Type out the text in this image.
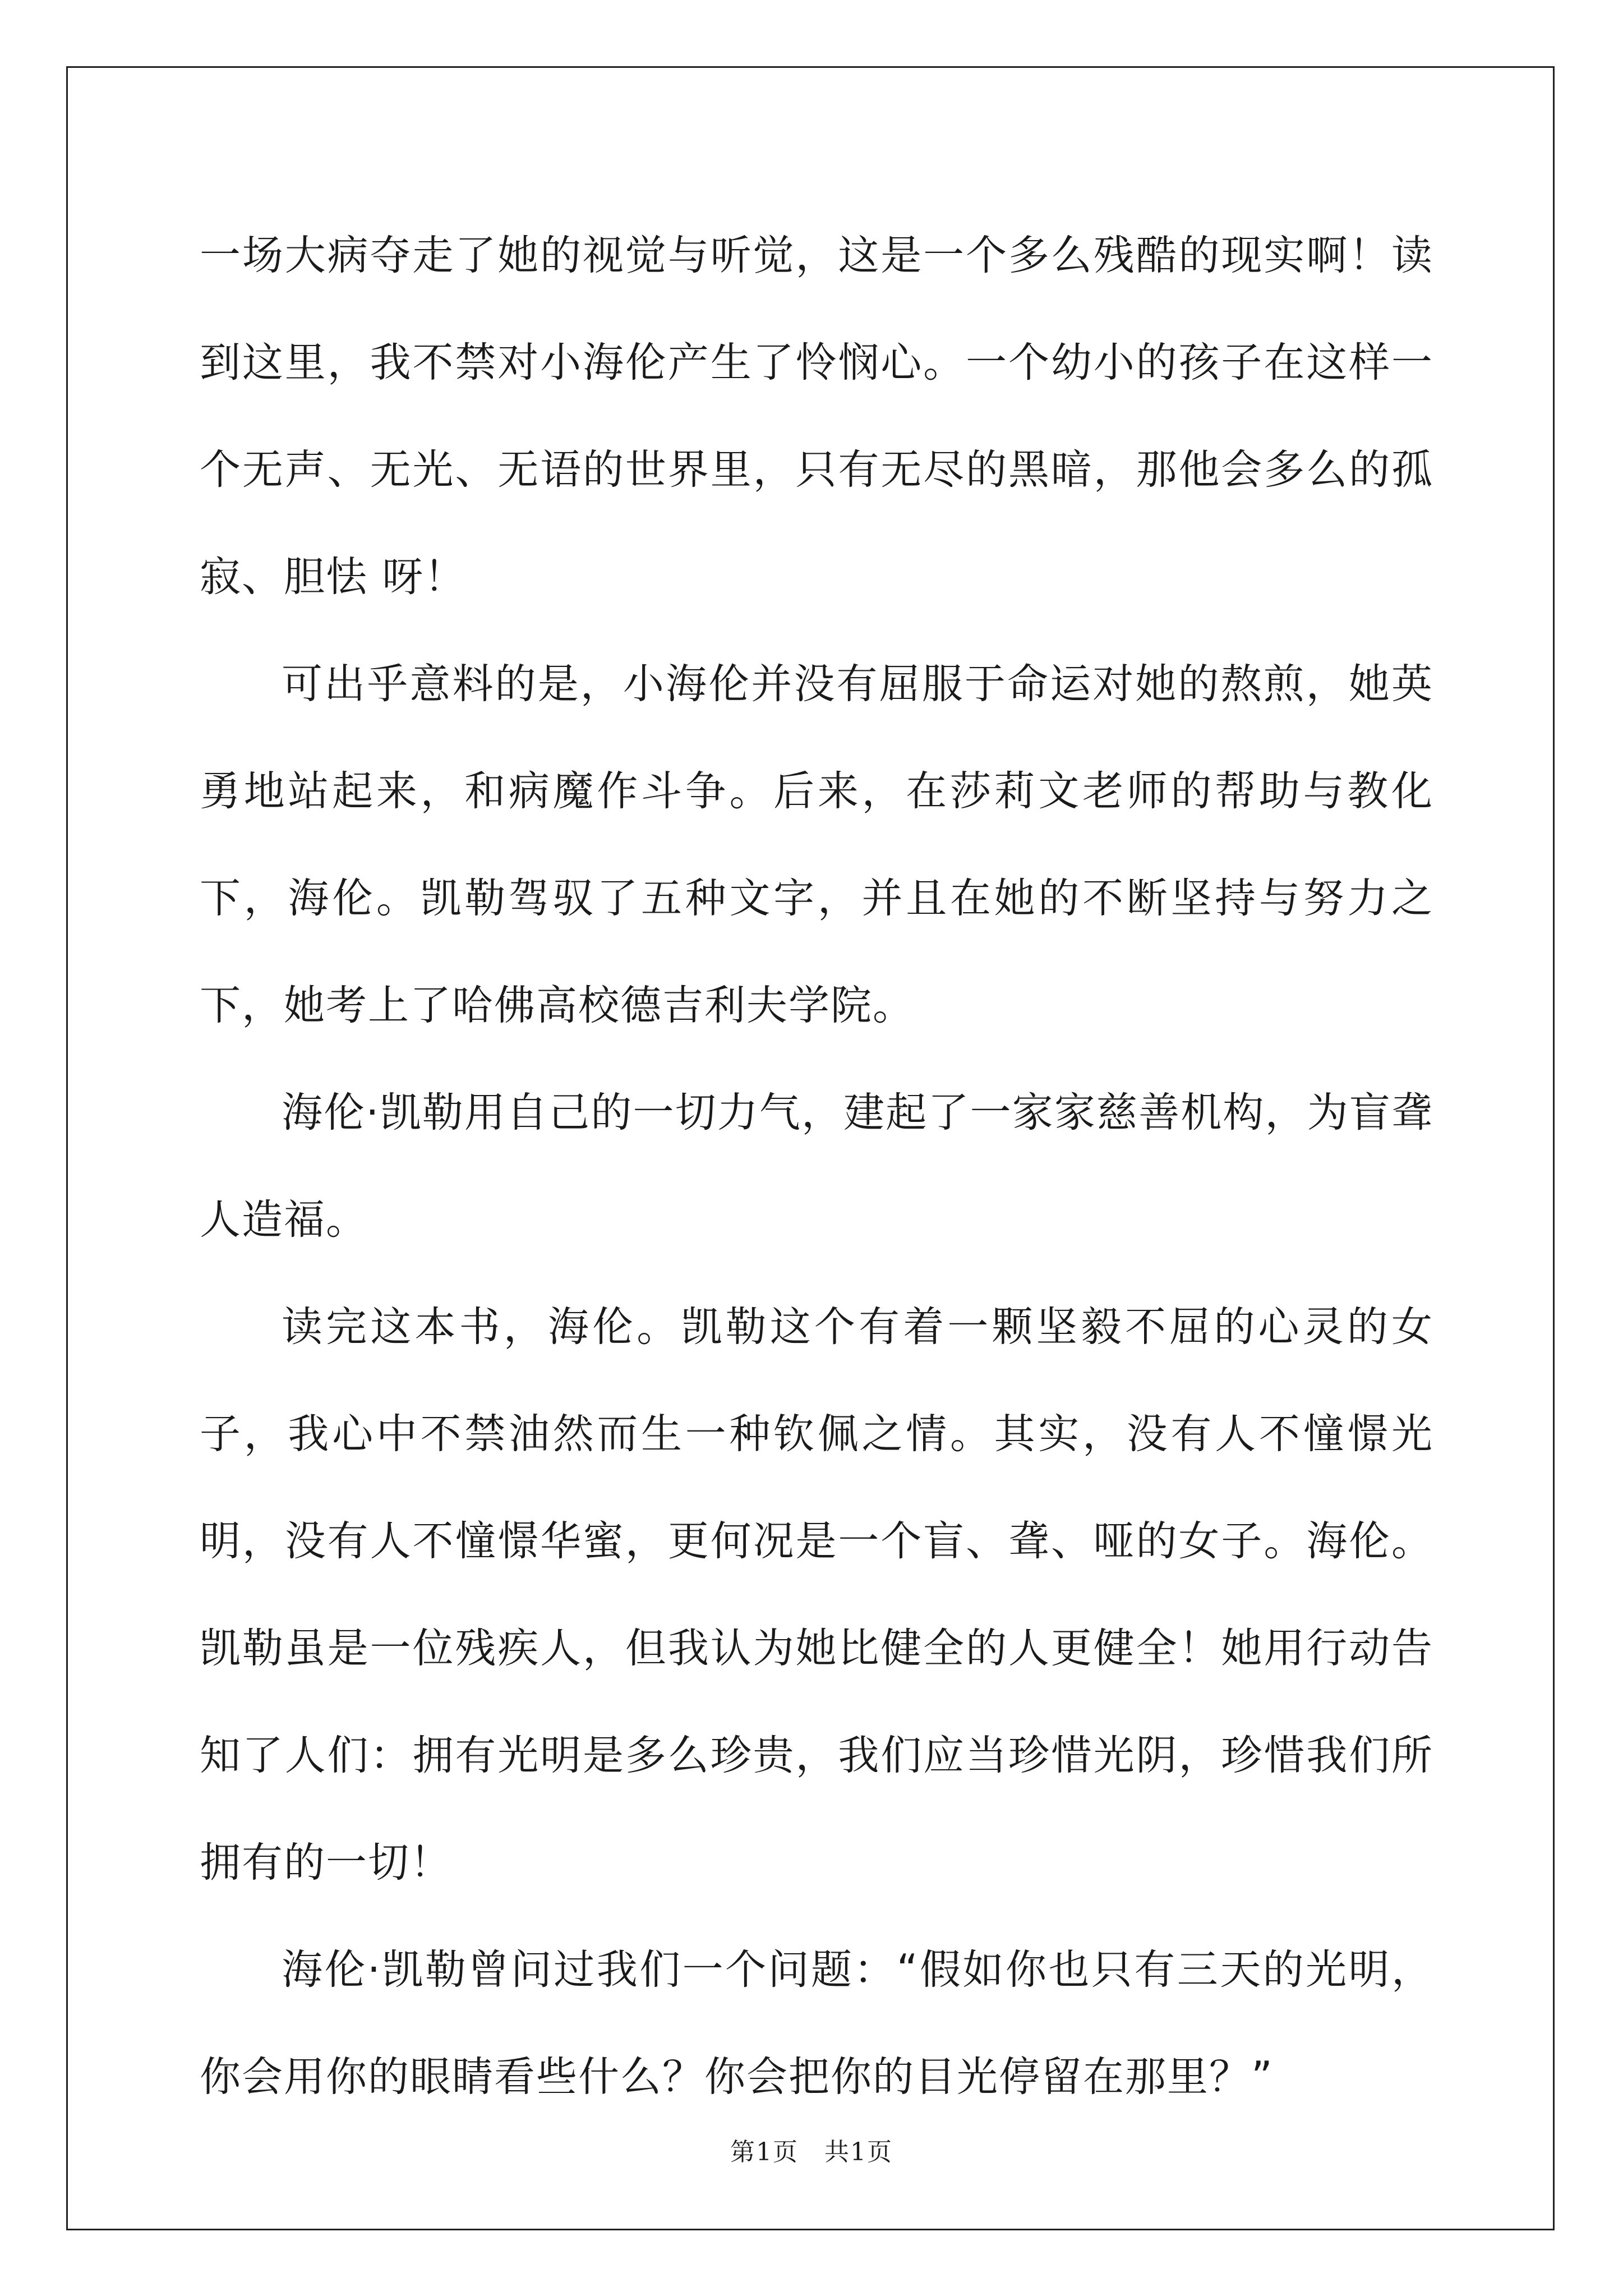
一场大病夺走了她的视觉与听觉，这是一个多么残酷的现实啊！读到这里，我不禁对小海伦产生了怜悯心。一个幼小的孩子在这样一个无声、无光、无语的世界里，只有无尽的黑暗，那他会多么的孤寂、胆怯 呀！

可出乎意料的是，小海伦并没有屈服于命运对她的熬煎，她英勇地站起来，和病魔作斗争。后来，在莎莉文老师的帮助与教化下，海伦。凯勒驾驭了五种文字，并且在她的不断坚持与努力之下，她考上了哈佛高校德吉利夫学院。

海伦·凯勒用自己的一切力气，建起了一家家慈善机构，为盲聋人造福。

读完这本书，海伦。凯勒这个有着一颗坚毅不屈的心灵的女子，我心中不禁油然而生一种钦佩之情。其实，没有人不憧憬光明，没有人不憧憬华蜜，更何况是一个盲、聋、哑的女子。海伦。凯勒虽是一位残疾人，但我认为她比健全的人更健全！她用行动告知了人们：拥有光明是多么珍贵，我们应当珍惜光阴，珍惜我们所拥有的一切！

海伦·凯勒曾问过我们一个问题：“假如你也只有三天的光明，你会用你的眼睛看些什么？你会把你的目光停留在那里？”

第1页　共1页
